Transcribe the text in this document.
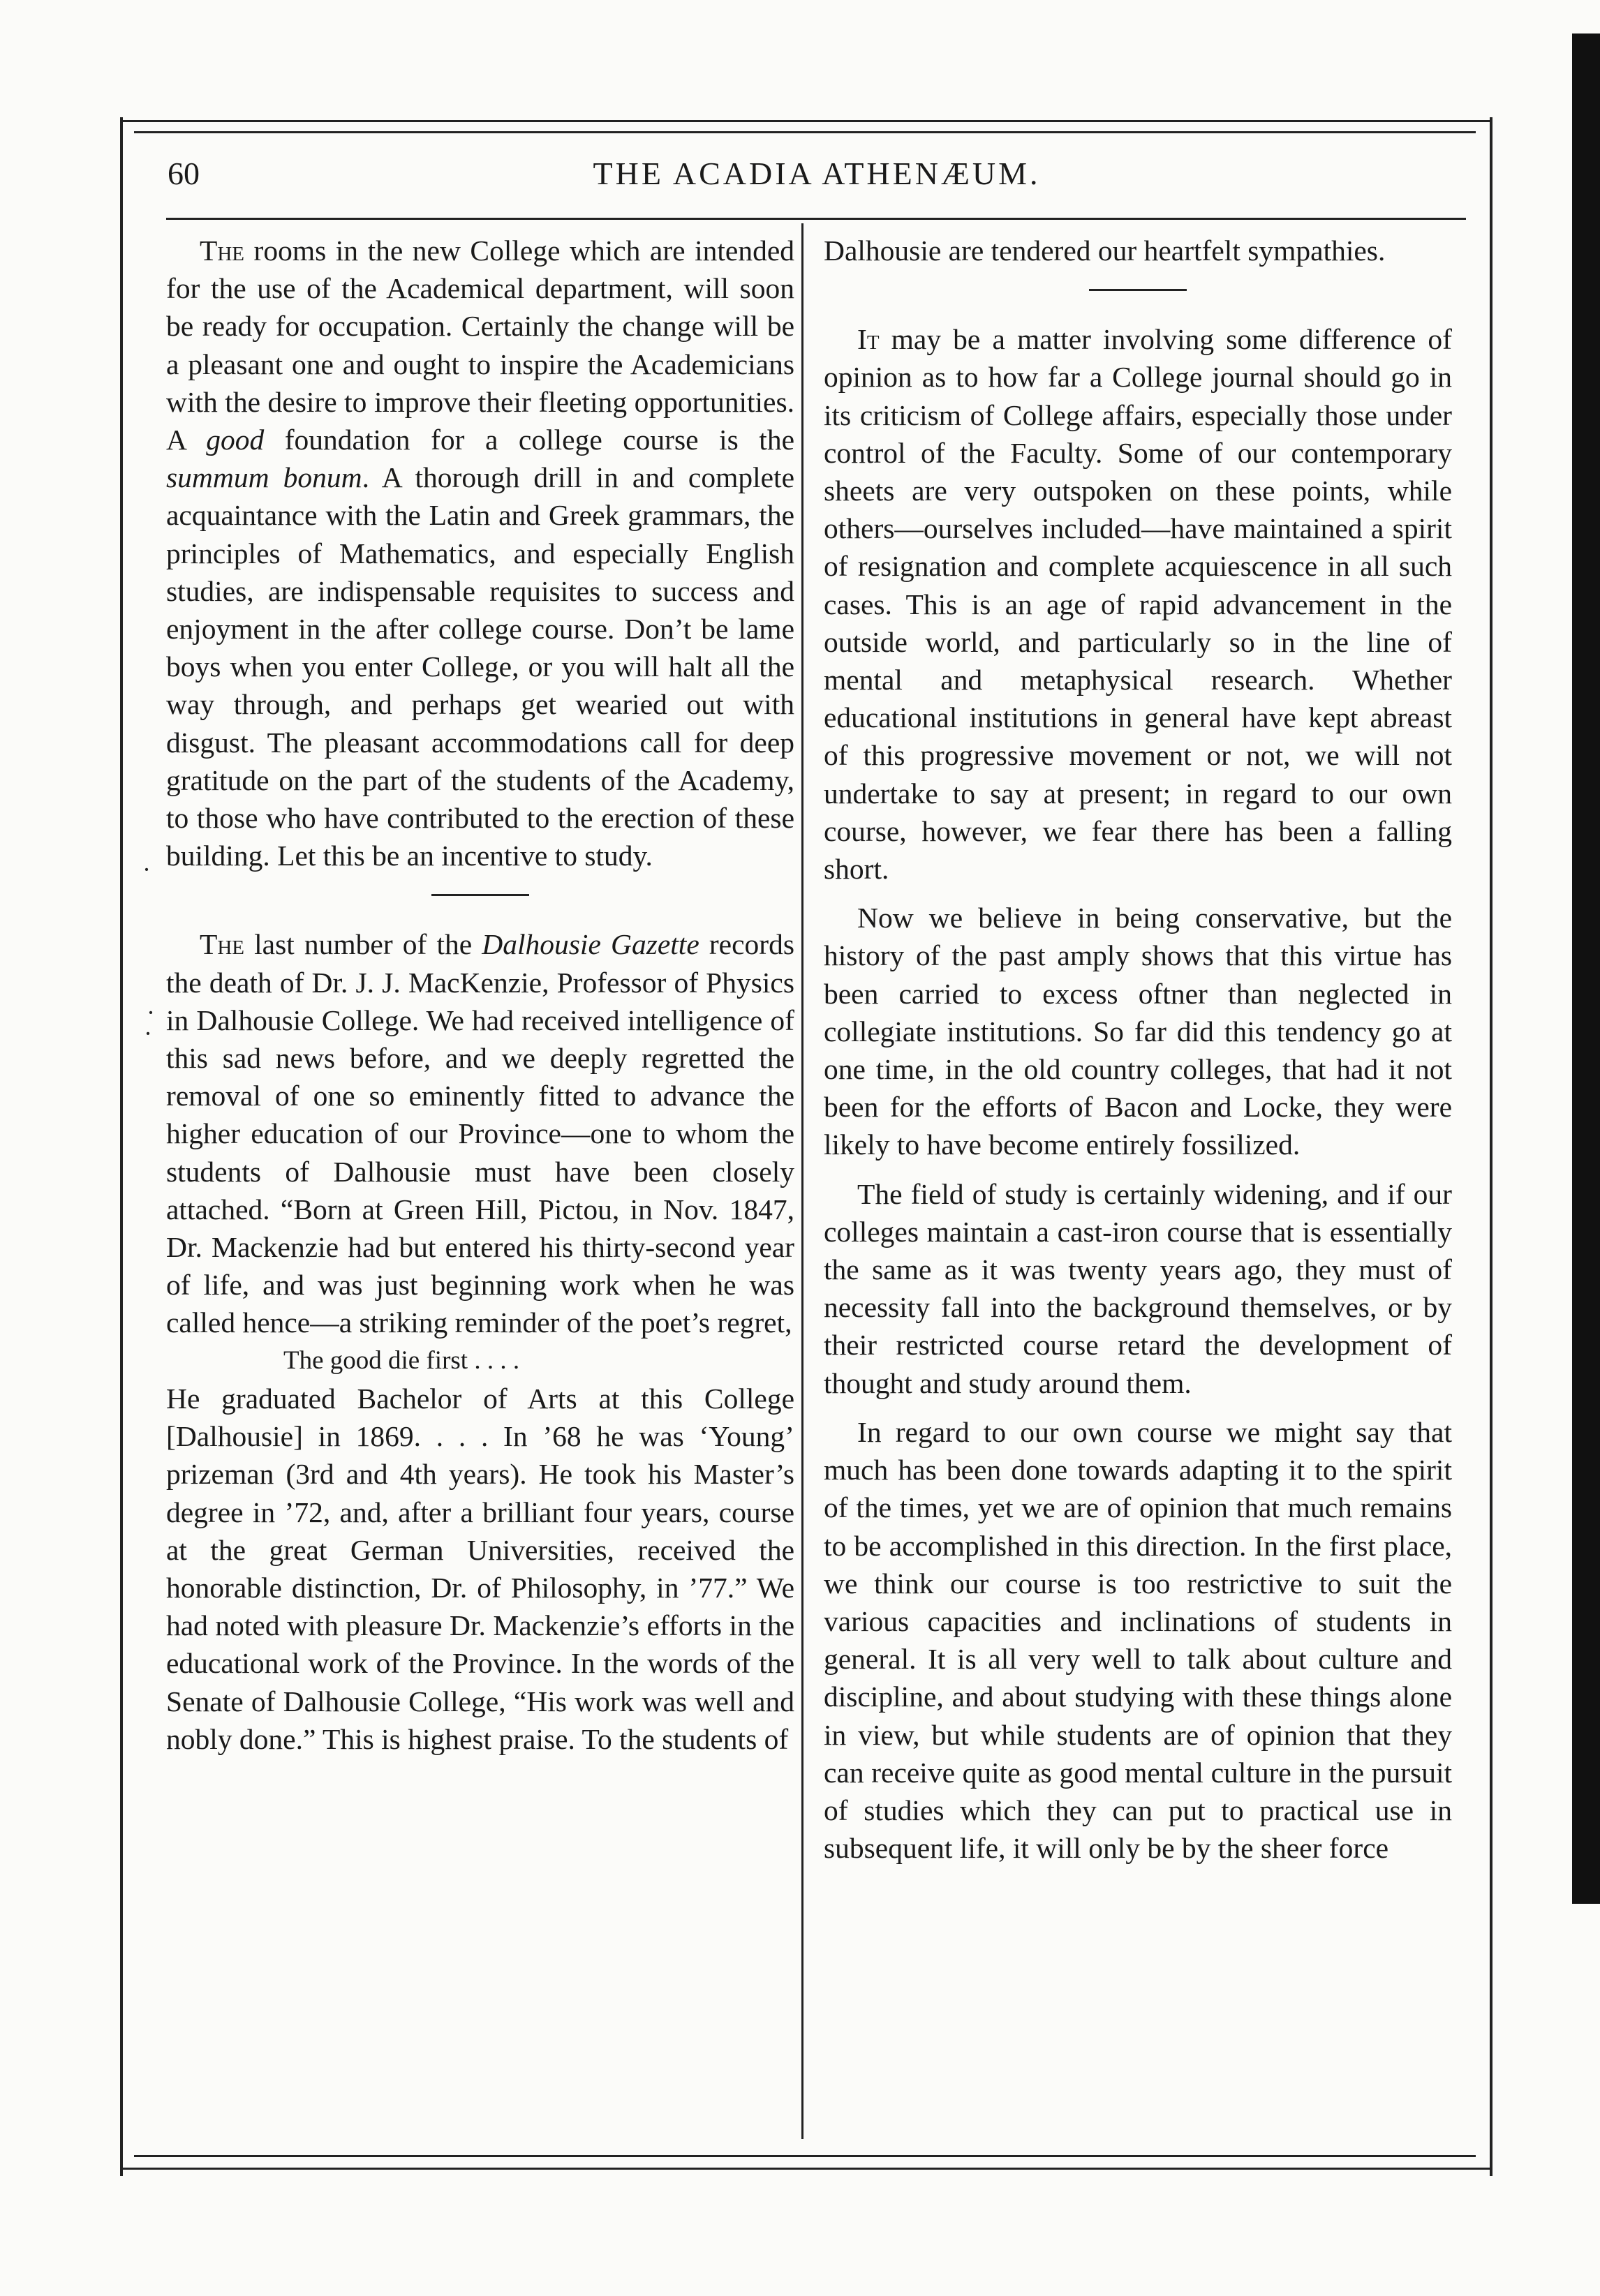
60	THE ACADIA ATHENÆUM.

The rooms in the new College which are intended for the use of the Academical department, will soon be ready for occupation. Certainly the change will be a pleasant one and ought to inspire the Academicians with the desire to improve their fleeting opportunities. A good foundation for a college course is the summum bonum. A thorough drill in and complete acquaintance with the Latin and Greek grammars, the principles of Mathematics, and especially English studies, are indispensable requisites to success and enjoyment in the after college course. Don’t be lame boys when you enter College, or you will halt all the way through, and perhaps get wearied out with disgust. The pleasant accommodations call for deep gratitude on the part of the students of the Academy, to those who have contributed to the erection of these building. Let this be an incentive to study.

The last number of the Dalhousie Gazette records the death of Dr. J. J. MacKenzie, Professor of Physics in Dalhousie College. We had received intelligence of this sad news before, and we deeply regretted the removal of one so eminently fitted to advance the higher education of our Province—one to whom the students of Dalhousie must have been closely attached. “Born at Green Hill, Pictou, in Nov. 1847, Dr. Mackenzie had but entered his thirty-second year of life, and was just beginning work when he was called hence—a striking reminder of the poet’s regret,

The good die first . . . .

He graduated Bachelor of Arts at this College [Dalhousie] in 1869. . . . In ’68 he was ‘Young’ prizeman (3rd and 4th years). He took his Master’s degree in ’72, and, after a brilliant four years, course at the great German Universities, received the honorable distinction, Dr. of Philosophy, in ’77.” We had noted with pleasure Dr. Mackenzie’s efforts in the educational work of the Province. In the words of the Senate of Dalhousie College, “His work was well and nobly done.” This is highest praise. To the students of

Dalhousie are tendered our heartfelt sympathies.

It may be a matter involving some difference of opinion as to how far a College journal should go in its criticism of College affairs, especially those under control of the Faculty. Some of our contemporary sheets are very outspoken on these points, while others—ourselves included—have maintained a spirit of resignation and complete acquiescence in all such cases. This is an age of rapid advancement in the outside world, and particularly so in the line of mental and metaphysical research. Whether educational institutions in general have kept abreast of this progressive movement or not, we will not undertake to say at present; in regard to our own course, however, we fear there has been a falling short.

Now we believe in being conservative, but the history of the past amply shows that this virtue has been carried to excess oftner than neglected in collegiate institutions. So far did this tendency go at one time, in the old country colleges, that had it not been for the efforts of Bacon and Locke, they were likely to have become entirely fossilized.

The field of study is certainly widening, and if our colleges maintain a cast-iron course that is essentially the same as it was twenty years ago, they must of necessity fall into the background themselves, or by their restricted course retard the development of thought and study around them.

In regard to our own course we might say that much has been done towards adapting it to the spirit of the times, yet we are of opinion that much remains to be accomplished in this direction. In the first place, we think our course is too restrictive to suit the various capacities and inclinations of students in general. It is all very well to talk about culture and discipline, and about studying with these things alone in view, but while students are of opinion that they can receive quite as good mental culture in the pursuit of studies which they can put to practical use in subsequent life, it will only be by the sheer force

·
·
·
